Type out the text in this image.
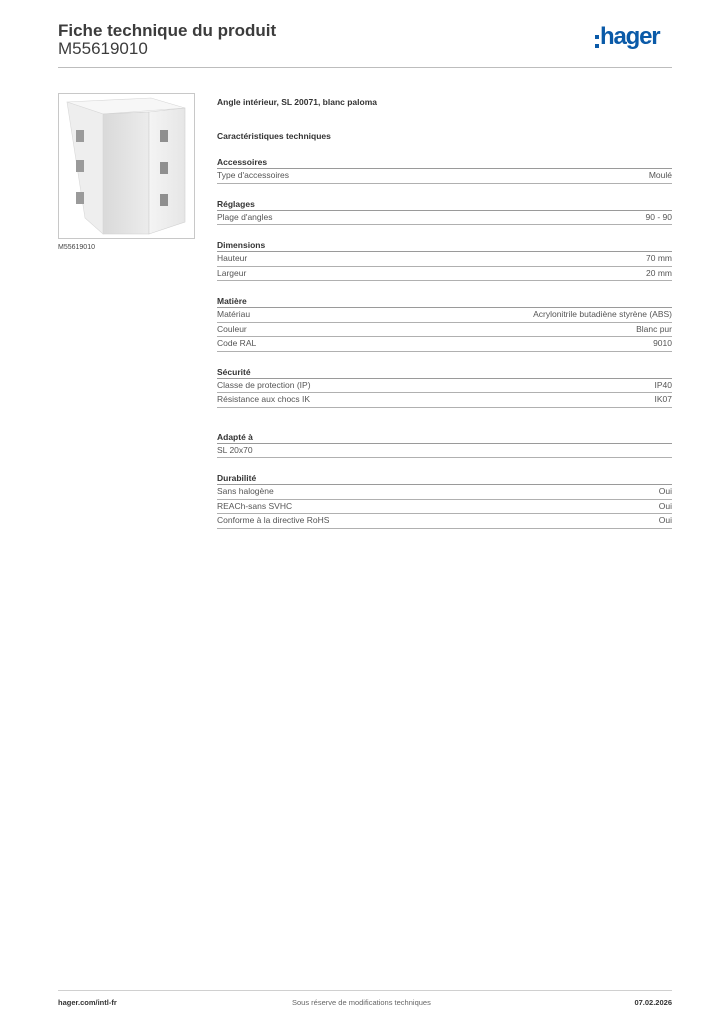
Fiche technique du produit
M55619010	hager
M55619010
Angle intérieur, SL 20071, blanc paloma
Caractéristiques techniques
Accessoires
Type d'accessoires	Moulé
Réglages
Plage d'angles	90 - 90
Dimensions
Hauteur	70 mm
Largeur	20 mm
Matière
Matériau	Acrylonitrile butadiène styrène (ABS)
Couleur	Blanc pur
Code RAL	9010
Sécurité
Classe de protection (IP)	IP40
Résistance aux chocs IK	IK07
Adapté à
SL 20x70
Durabilité
Sans halogène	Oui
REACh-sans SVHC	Oui
Conforme à la directive RoHS	Oui
hager.com/intl-fr	Sous réserve de modifications techniques	07.02.2026
